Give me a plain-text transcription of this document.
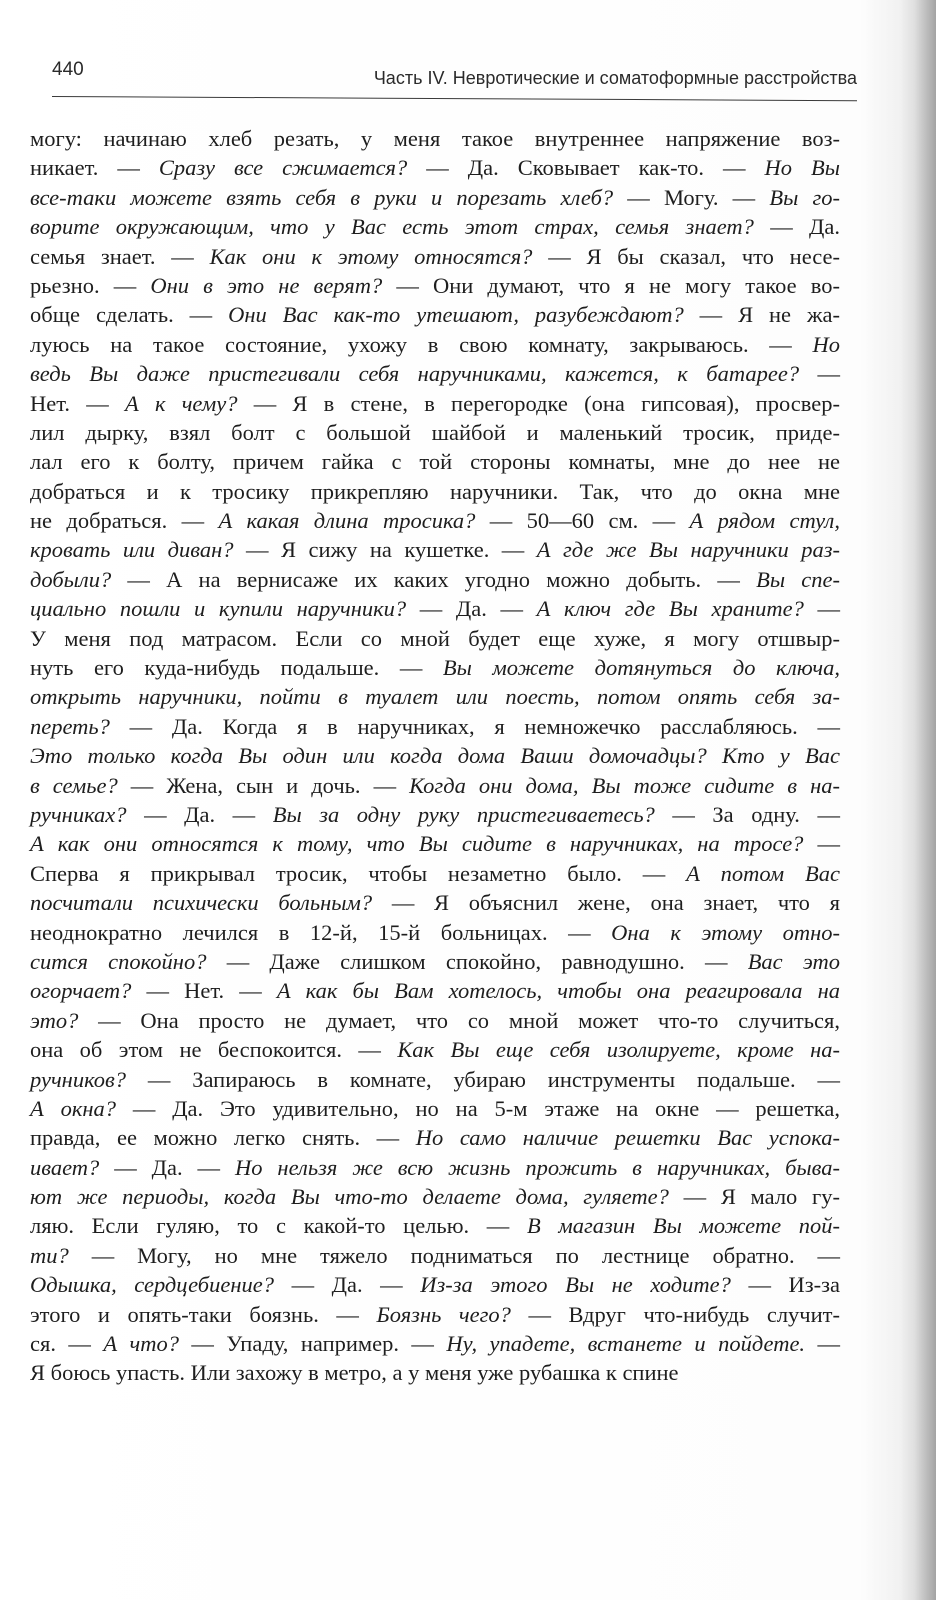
440	Часть IV. Невротические и соматоформные расстройства
могу: начинаю хлеб резать, у меня такое внутреннее напряжение воз-
никает. — Сразу все сжимается? — Да. Сковывает как-то. — Но Вы
все-таки можете взять себя в руки и порезать хлеб? — Могу. — Вы го-
ворите окружающим, что у Вас есть этот страх, семья знает? — Да.
семья знает. — Как они к этому относятся? — Я бы сказал, что несе-
рьезно. — Они в это не верят? — Они думают, что я не могу такое во-
обще сделать. — Они Вас как-то утешают, разубеждают? — Я не жа-
луюсь на такое состояние, ухожу в свою комнату, закрываюсь. — Но
ведь Вы даже пристегивали себя наручниками, кажется, к батарее? —
Нет. — А к чему? — Я в стене, в перегородке (она гипсовая), просвер-
лил дырку, взял болт с большой шайбой и маленький тросик, приде-
лал его к болту, причем гайка с той стороны комнаты, мне до нее не
добраться и к тросику прикрепляю наручники. Так, что до окна мне
не добраться. — А какая длина тросика? — 50—60 см. — А рядом стул,
кровать или диван? — Я сижу на кушетке. — А где же Вы наручники раз-
добыли? — А на вернисаже их каких угодно можно добыть. — Вы спе-
циально пошли и купили наручники? — Да. — А ключ где Вы храните? —
У меня под матрасом. Если со мной будет еще хуже, я могу отшвыр-
нуть его куда-нибудь подальше. — Вы можете дотянуться до ключа,
открыть наручники, пойти в туалет или поесть, потом опять себя за-
переть? — Да. Когда я в наручниках, я немножечко расслабляюсь. —
Это только когда Вы один или когда дома Ваши домочадцы? Кто у Вас
в семье? — Жена, сын и дочь. — Когда они дома, Вы тоже сидите в на-
ручниках? — Да. — Вы за одну руку пристегиваетесь? — За одну. —
А как они относятся к тому, что Вы сидите в наручниках, на тросе? —
Сперва я прикрывал тросик, чтобы незаметно было. — А потом Вас
посчитали психически больным? — Я объяснил жене, она знает, что я
неоднократно лечился в 12-й, 15-й больницах. — Она к этому отно-
сится спокойно? — Даже слишком спокойно, равнодушно. — Вас это
огорчает? — Нет. — А как бы Вам хотелось, чтобы она реагировала на
это? — Она просто не думает, что со мной может что-то случиться,
она об этом не беспокоится. — Как Вы еще себя изолируете, кроме на-
ручников? — Запираюсь в комнате, убираю инструменты подальше. —
А окна? — Да. Это удивительно, но на 5-м этаже на окне — решетка,
правда, ее можно легко снять. — Но само наличие решетки Вас успока-
ивает? — Да. — Но нельзя же всю жизнь прожить в наручниках, быва-
ют же периоды, когда Вы что-то делаете дома, гуляете? — Я мало гу-
ляю. Если гуляю, то с какой-то целью. — В магазин Вы можете пой-
ти? — Могу, но мне тяжело подниматься по лестнице обратно. —
Одышка, сердцебиение? — Да. — Из-за этого Вы не ходите? — Из-за
этого и опять-таки боязнь. — Боязнь чего? — Вдруг что-нибудь случит-
ся. — А что? — Упаду, например. — Ну, упадете, встанете и пойдете. —
Я боюсь упасть. Или захожу в метро, а у меня уже рубашка к спине
